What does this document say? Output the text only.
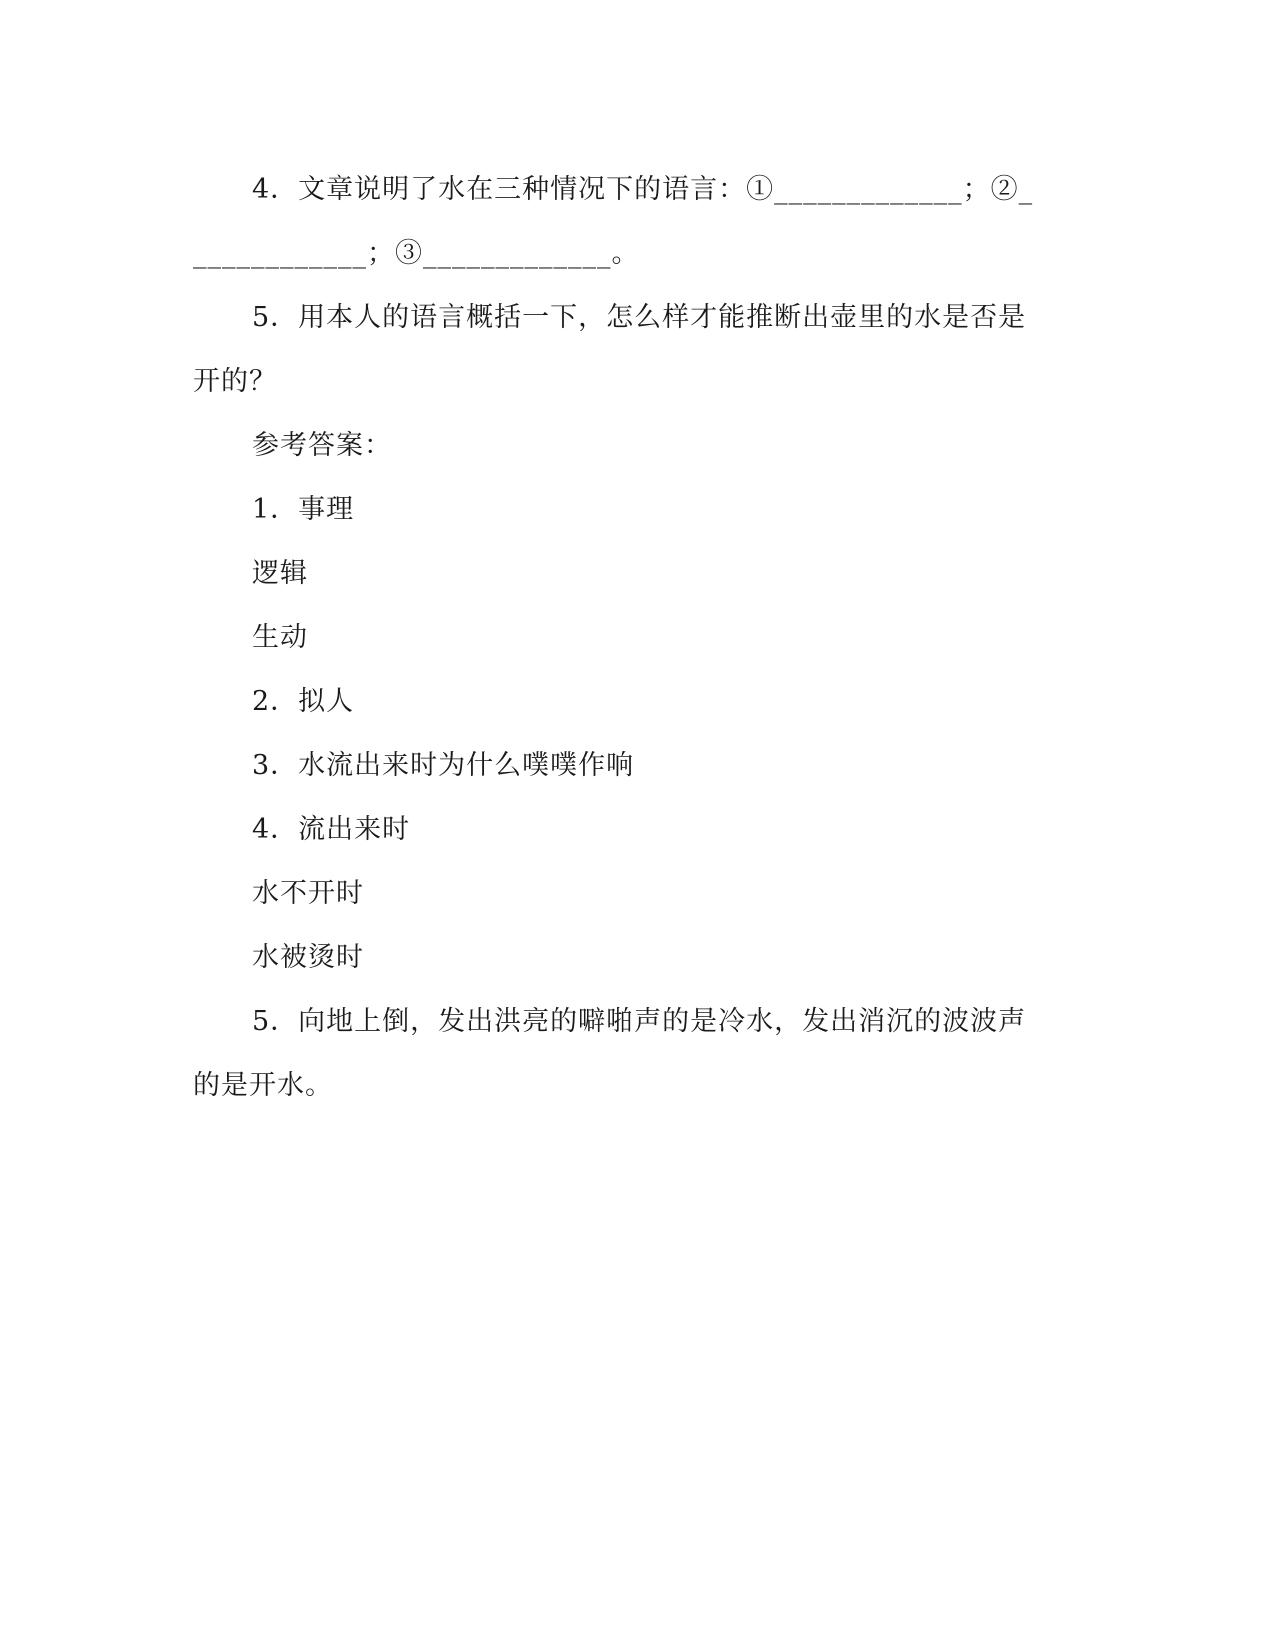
4．文章说明了水在三种情况下的语言：①_____________；②_
____________；③_____________。
5．用本人的语言概括一下，怎么样才能推断出壶里的水是否是
开的？
参考答案：
1．事理
逻辑
生动
2．拟人
3．水流出来时为什么噗噗作响
4．流出来时
水不开时
水被烫时
5．向地上倒，发出洪亮的噼啪声的是冷水，发出消沉的波波声
的是开水。
